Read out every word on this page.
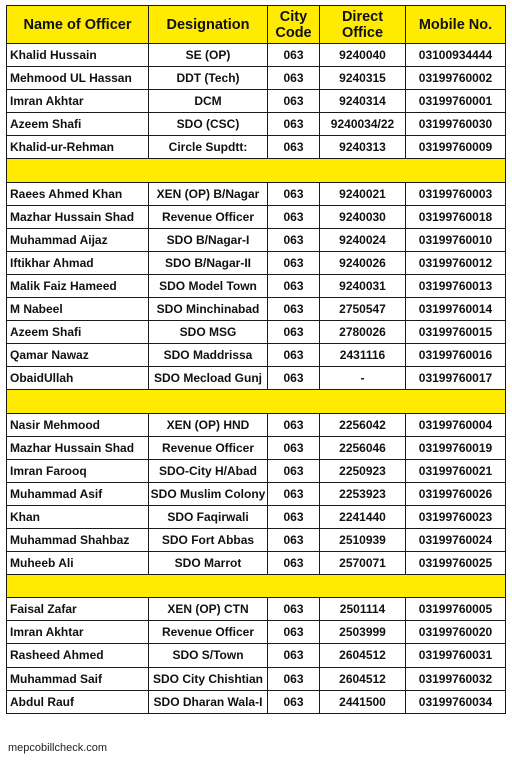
Name of Officer	Designation	City Code	Direct Office	Mobile No.
Khalid Hussain	SE (OP)	063	9240040	03100934444
Mehmood UL Hassan	DDT (Tech)	063	9240315	03199760002
Imran Akhtar	DCM	063	9240314	03199760001
Azeem Shafi	SDO (CSC)	063	9240034/22	03199760030
Khalid-ur-Rehman	Circle Supdtt:	063	9240313	03199760009

Raees Ahmed Khan	XEN (OP) B/Nagar	063	9240021	03199760003
Mazhar Hussain Shad	Revenue Officer	063	9240030	03199760018
Muhammad Aijaz	SDO B/Nagar-I	063	9240024	03199760010
Iftikhar Ahmad	SDO B/Nagar-II	063	9240026	03199760012
Malik Faiz Hameed	SDO Model Town	063	9240031	03199760013
M Nabeel	SDO Minchinabad	063	2750547	03199760014
Azeem Shafi	SDO MSG	063	2780026	03199760015
Qamar Nawaz	SDO Maddrissa	063	2431116	03199760016
ObaidUllah	SDO Mecload Gunj	063	-	03199760017

Nasir Mehmood	XEN (OP) HND	063	2256042	03199760004
Mazhar Hussain Shad	Revenue Officer	063	2256046	03199760019
Imran Farooq	SDO-City H/Abad	063	2250923	03199760021
Muhammad Asif	SDO Muslim Colony	063	2253923	03199760026
Khan	SDO Faqirwali	063	2241440	03199760023
Muhammad Shahbaz	SDO Fort Abbas	063	2510939	03199760024
Muheeb Ali	SDO Marrot	063	2570071	03199760025

Faisal Zafar	XEN (OP) CTN	063	2501114	03199760005
Imran Akhtar	Revenue Officer	063	2503999	03199760020
Rasheed Ahmed	SDO S/Town	063	2604512	03199760031
Muhammad Saif	SDO City Chishtian	063	2604512	03199760032
Abdul Rauf	SDO Dharan Wala-I	063	2441500	03199760034
mepcobillcheck.com
